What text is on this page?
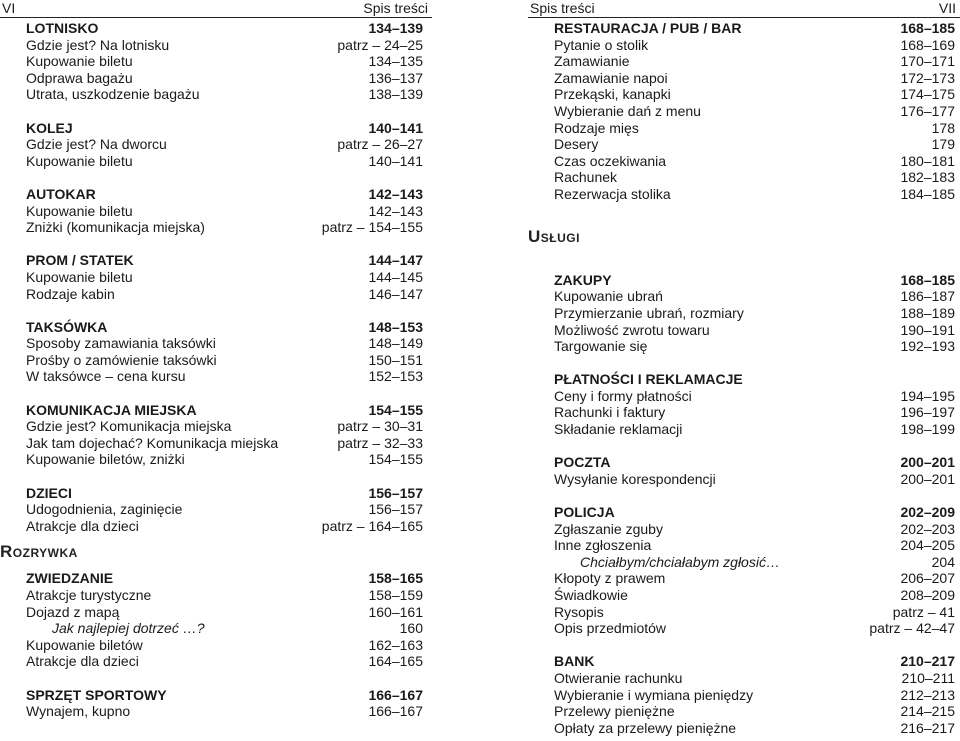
VI	Spis treści
LOTNISKO	134–139
Gdzie jest? Na lotnisku	patrz – 24–25
Kupowanie biletu	134–135
Odprawa bagażu	136–137
Utrata, uszkodzenie bagażu	138–139
KOLEJ	140–141
Gdzie jest? Na dworcu	patrz – 26–27
Kupowanie biletu	140–141
AUTOKAR	142–143
Kupowanie biletu	142–143
Zniżki (komunikacja miejska)	patrz – 154–155
PROM / STATEK	144–147
Kupowanie biletu	144–145
Rodzaje kabin	146–147
TAKSÓWKA	148–153
Sposoby zamawiania taksówki	148–149
Prośby o zamówienie taksówki	150–151
W taksówce – cena kursu	152–153
KOMUNIKACJA MIEJSKA	154–155
Gdzie jest? Komunikacja miejska	patrz – 30–31
Jak tam dojechać? Komunikacja miejska	patrz – 32–33
Kupowanie biletów, zniżki	154–155
DZIECI	156–157
Udogodnienia, zaginięcie	156–157
Atrakcje dla dzieci	patrz – 164–165
ROZRYWKA
ZWIEDZANIE	158–165
Atrakcje turystyczne	158–159
Dojazd z mapą	160–161
Jak najlepiej dotrzeć …?	160
Kupowanie biletów	162–163
Atrakcje dla dzieci	164–165
SPRZĘT SPORTOWY	166–167
Wynajem, kupno	166–167
Spis treści	VII
RESTAURACJA / PUB / BAR	168–185
Pytanie o stolik	168–169
Zamawianie	170–171
Zamawianie napoi	172–173
Przekąski, kanapki	174–175
Wybieranie dań z menu	176–177
Rodzaje mięs	178
Desery	179
Czas oczekiwania	180–181
Rachunek	182–183
Rezerwacja stolika	184–185
USŁUGI
ZAKUPY	168–185
Kupowanie ubrań	186–187
Przymierzanie ubrań, rozmiary	188–189
Możliwość zwrotu towaru	190–191
Targowanie się	192–193
PŁATNOŚCI I REKLAMACJE
Ceny i formy płatności	194–195
Rachunki i faktury	196–197
Składanie reklamacji	198–199
POCZTA	200–201
Wysyłanie korespondencji	200–201
POLICJA	202–209
Zgłaszanie zguby	202–203
Inne zgłoszenia	204–205
Chciałbym/chciałabym zgłosić…	204
Kłopoty z prawem	206–207
Świadkowie	208–209
Rysopis	patrz – 41
Opis przedmiotów	patrz – 42–47
BANK	210–217
Otwieranie rachunku	210–211
Wybieranie i wymiana pieniędzy	212–213
Przelewy pieniężne	214–215
Opłaty za przelewy pieniężne	216–217
